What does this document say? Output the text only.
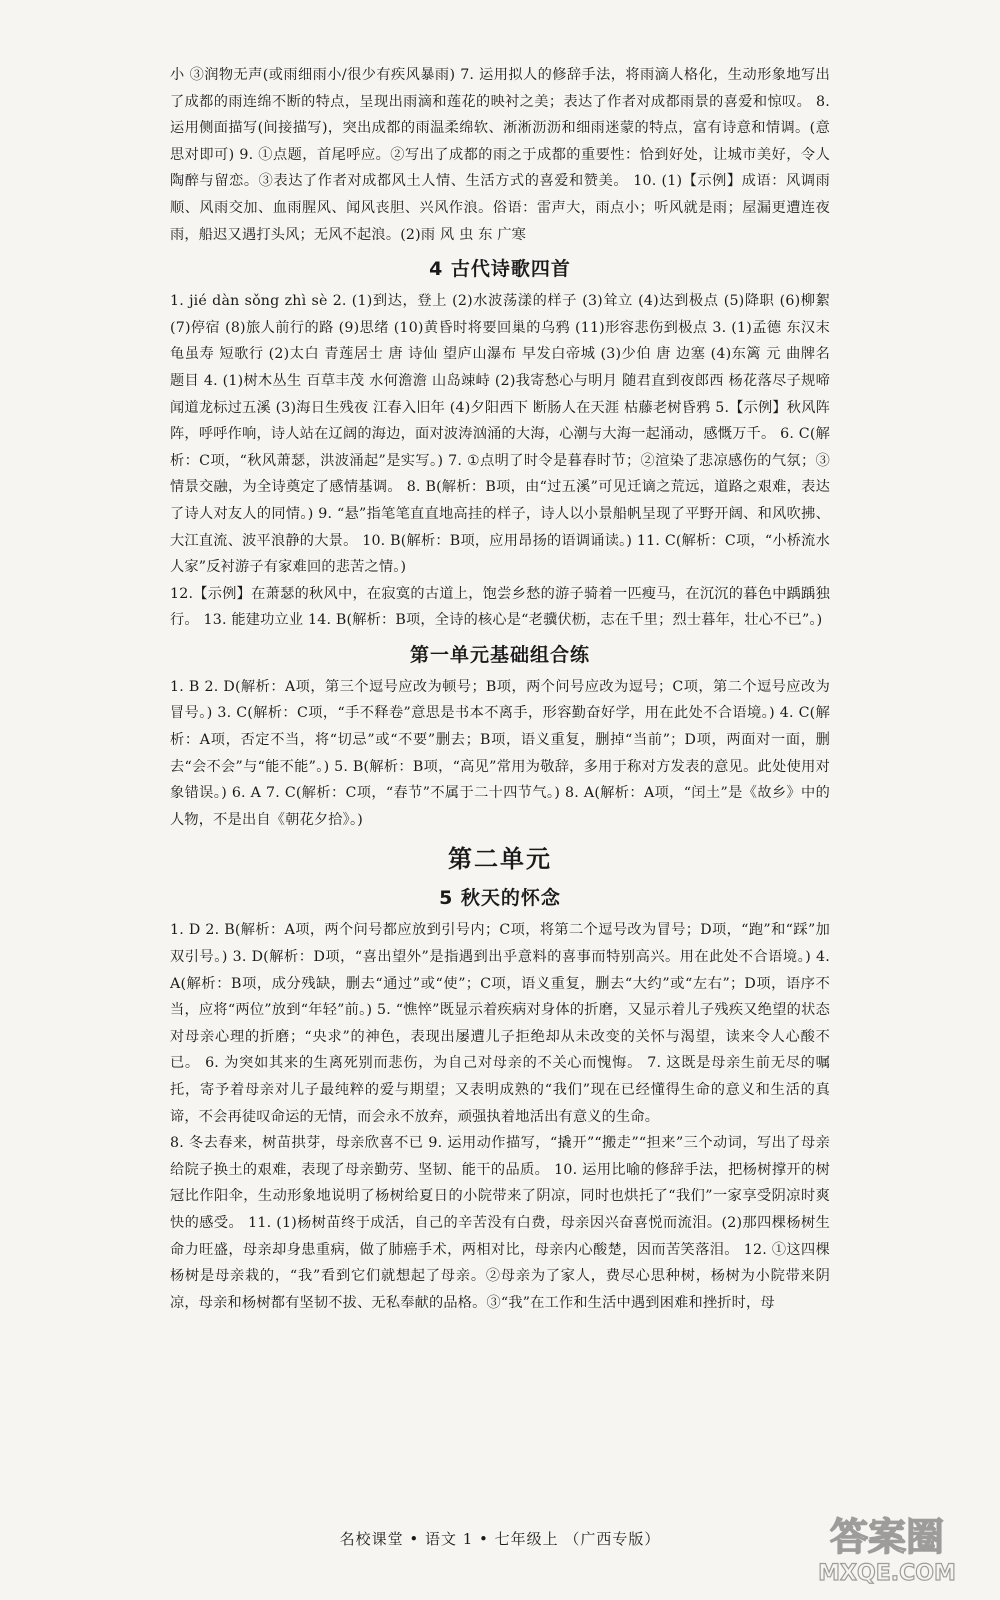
小 ③润物无声(或雨细雨小/很少有疾风暴雨) 7. 运用拟人的修辞手法，将雨滴人格化，生动形象地写出了成都的雨连绵不断的特点，呈现出雨滴和莲花的映衬之美；表达了作者对成都雨景的喜爱和惊叹。 8. 运用侧面描写(间接描写)，突出成都的雨温柔绵软、淅淅沥沥和细雨迷蒙的特点，富有诗意和情调。(意思对即可) 9. ①点题，首尾呼应。②写出了成都的雨之于成都的重要性：恰到好处，让城市美好，令人陶醉与留恋。③表达了作者对成都风土人情、生活方式的喜爱和赞美。 10. (1)【示例】成语：风调雨顺、风雨交加、血雨腥风、闻风丧胆、兴风作浪。俗语：雷声大，雨点小；听风就是雨；屋漏更遭连夜雨，船迟又遇打头风；无风不起浪。(2)雨 风 虫 东 广寒

4 古代诗歌四首

1. jié dàn sǒng zhì sè 2. (1)到达，登上 (2)水波荡漾的样子 (3)耸立 (4)达到极点 (5)降职 (6)柳絮 (7)停宿 (8)旅人前行的路 (9)思绪 (10)黄昏时将要回巢的乌鸦 (11)形容悲伤到极点 3. (1)孟德 东汉末 龟虽寿 短歌行 (2)太白 青莲居士 唐 诗仙 望庐山瀑布 早发白帝城 (3)少伯 唐 边塞 (4)东篱 元 曲牌名 题目 4. (1)树木丛生 百草丰茂 水何澹澹 山岛竦峙 (2)我寄愁心与明月 随君直到夜郎西 杨花落尽子规啼 闻道龙标过五溪 (3)海日生残夜 江春入旧年 (4)夕阳西下 断肠人在天涯 枯藤老树昏鸦 5.【示例】秋风阵阵，呼呼作响，诗人站在辽阔的海边，面对波涛汹涌的大海，心潮与大海一起涌动，感慨万千。 6. C(解析：C项，“秋风萧瑟，洪波涌起”是实写。) 7. ①点明了时令是暮春时节；②渲染了悲凉感伤的气氛；③情景交融，为全诗奠定了感情基调。 8. B(解析：B项，由“过五溪”可见迁谪之荒远，道路之艰难，表达了诗人对友人的同情。) 9. “悬”指笔笔直直地高挂的样子，诗人以小景船帆呈现了平野开阔、和风吹拂、大江直流、波平浪静的大景。 10. B(解析：B项，应用昂扬的语调诵读。) 11. C(解析：C项，“小桥流水人家”反衬游子有家难回的悲苦之情。)

12.【示例】在萧瑟的秋风中，在寂寞的古道上，饱尝乡愁的游子骑着一匹瘦马，在沉沉的暮色中踽踽独行。 13. 能建功立业 14. B(解析：B项，全诗的核心是“老骥伏枥，志在千里；烈士暮年，壮心不已”。)

第一单元基础组合练

1. B 2. D(解析：A项，第三个逗号应改为顿号；B项，两个问号应改为逗号；C项，第二个逗号应改为冒号。) 3. C(解析：C项，“手不释卷”意思是书本不离手，形容勤奋好学，用在此处不合语境。) 4. C(解析：A项，否定不当，将“切忌”或“不要”删去；B项，语义重复，删掉“当前”；D项，两面对一面，删去“会不会”与“能不能”。) 5. B(解析：B项，“高见”常用为敬辞，多用于称对方发表的意见。此处使用对象错误。) 6. A 7. C(解析：C项，“春节”不属于二十四节气。) 8. A(解析：A项，“闰土”是《故乡》中的人物，不是出自《朝花夕拾》。)

第二单元
5 秋天的怀念

1. D 2. B(解析：A项，两个问号都应放到引号内；C项，将第二个逗号改为冒号；D项，“跑”和“踩”加双引号。) 3. D(解析：D项，“喜出望外”是指遇到出乎意料的喜事而特别高兴。用在此处不合语境。) 4. A(解析：B项，成分残缺，删去“通过”或“使”；C项，语义重复，删去“大约”或“左右”；D项，语序不当，应将“两位”放到“年轻”前。) 5. “憔悴”既显示着疾病对身体的折磨，又显示着儿子残疾又绝望的状态对母亲心理的折磨；“央求”的神色，表现出屡遭儿子拒绝却从未改变的关怀与渴望，读来令人心酸不已。 6. 为突如其来的生离死别而悲伤，为自己对母亲的不关心而愧悔。 7. 这既是母亲生前无尽的嘱托，寄予着母亲对儿子最纯粹的爱与期望；又表明成熟的“我们”现在已经懂得生命的意义和生活的真谛，不会再徒叹命运的无情，而会永不放弃，顽强执着地活出有意义的生命。

8. 冬去春来，树苗拱芽，母亲欣喜不已 9. 运用动作描写，“撬开”“搬走”“担来”三个动词，写出了母亲给院子换土的艰难，表现了母亲勤劳、坚韧、能干的品质。 10. 运用比喻的修辞手法，把杨树撑开的树冠比作阳伞，生动形象地说明了杨树给夏日的小院带来了阴凉，同时也烘托了“我们”一家享受阴凉时爽快的感受。 11. (1)杨树苗终于成活，自己的辛苦没有白费，母亲因兴奋喜悦而流泪。(2)那四棵杨树生命力旺盛，母亲却身患重病，做了肺癌手术，两相对比，母亲内心酸楚，因而苦笑落泪。 12. ①这四棵杨树是母亲栽的，“我”看到它们就想起了母亲。②母亲为了家人，费尽心思种树，杨树为小院带来阴凉，母亲和杨树都有坚韧不拔、无私奉献的品格。③“我”在工作和生活中遇到困难和挫折时，母

名校课堂 • 语文 1 • 七年级上 （广西专版）	答案圈
MXQE.COM
